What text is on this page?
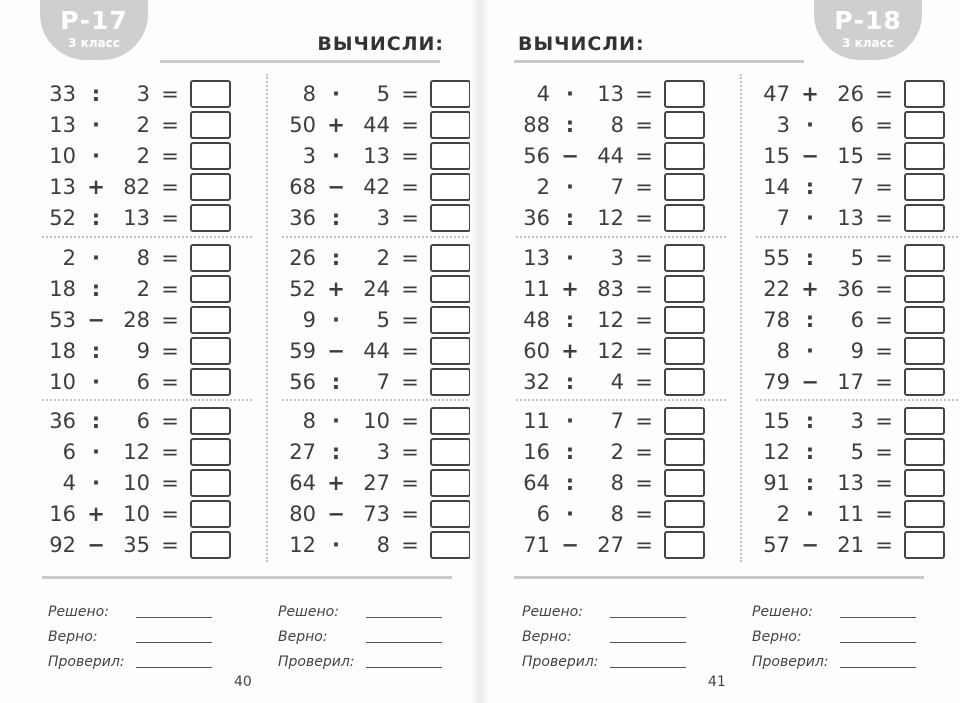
Р-17
3 класс	ВЫЧИСЛИ:
33 :	3 =
13 ·	2 =
10 ·	2 =
13 + 82 =
52 :	13 =
2 ·	8 =
18 :	2 =
53 − 28 =
18 :	9 =
10 ·	6 =
36 :	6 =
6 ·	12 =
4 ·	10 =
16 + 10 =
92 − 35 =
8 ·	5 =
50 + 44 =
3 ·	13 =
68 − 42 =
36 :	3 =
26 :	2 =
52 + 24 =
9 ·	5 =
59 − 44 =
56 :	7 =
8 ·	10 =
27 :	3 =
64 + 27 =
80 − 73 =
12 ·	8 =
Решено:
Верно:
Проверил:
Решено:
Верно:
Проверил:
40
Р-18
3 класс
ВЫЧИСЛИ:
4 ·	13 =
88 :	8 =
56 − 44 =
2 ·	7 =
36 :	12 =
13 ·	3 =
11 + 83 =
48 :	12 =
60 + 12 =
32 :	4 =
11 ·	7 =
16 :	2 =
64 :	8 =
6 ·	8 =
71 − 27 =
47 + 26 =
3 ·	6 =
15 − 15 =
14 :	7 =
7 ·	13 =
55 :	5 =
22 + 36 =
78 :	6 =
8 ·	9 =
79 − 17 =
15 :	3 =
12 :	5 =
91 :	13 =
2 ·	11 =
57 − 21 =
Решено:
Верно:
Проверил:
Решено:
Верно:
Проверил:
41
